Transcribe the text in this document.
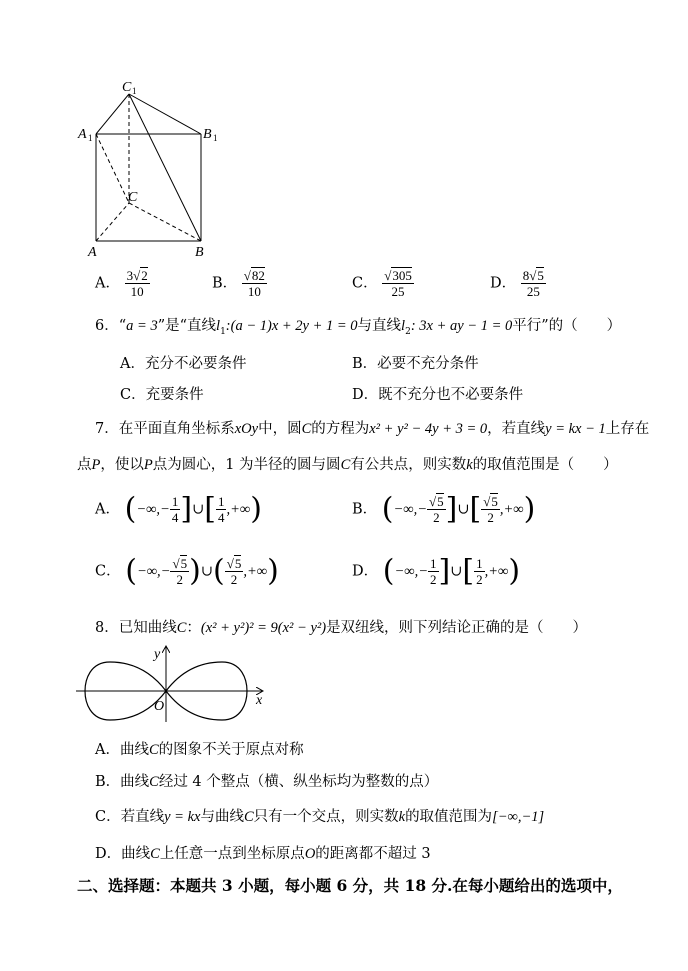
C 1
A 1	B 1
C
A	B
A． $\frac{3√2}{10}$	B． $\frac{√82}{10}$	C． $\frac{√305}{25}$	D． $\frac{8√5}{25}$
6．“a = 3”是“直线$l_1:(a - 1)x + 2y + 1 = 0$与直线$l_2$: 3x + ay − 1 = 0平行”的（　　）
A．充分不必要条件	B．必要不充分条件
C．充要条件	D．既不充分也不必要条件
7．在平面直角坐标系xOy中，圆C的方程为x² + y² − 4y + 3 = 0，若直线y = kx − 1上存在
点P，使以P点为圆心，1 为半径的圆与圆C有公共点，则实数k的取值范围是（　　）
A． (−∞,− $\frac{1}{4}$ ]∪[ $\frac{1}{4}$ ,+∞)	B． (−∞,− $\frac{√5}{2}$ ]∪[ $\frac{√5}{2}$ ,+∞)
C． (−∞,− $\frac{√5}{2}$ )∪( $\frac{√5}{2}$ ,+∞)	D． (−∞,− $\frac{1}{2}$ ]∪[ $\frac{1}{2}$ ,+∞)
8．已知曲线C：(x² + y²)² = 9(x² − y²)是双纽线，则下列结论正确的是（　　）
x
y
O
A．曲线C的图象不关于原点对称
B．曲线C经过 4 个整点（横、纵坐标均为整数的点）
C．若直线y = kx与曲线C只有一个交点，则实数k的取值范围为[−∞,−1]
D．曲线C上任意一点到坐标原点O的距离都不超过 3
二、选择题：本题共 3 小题，每小题 6 分，共 18 分.在每小题给出的选项中，
